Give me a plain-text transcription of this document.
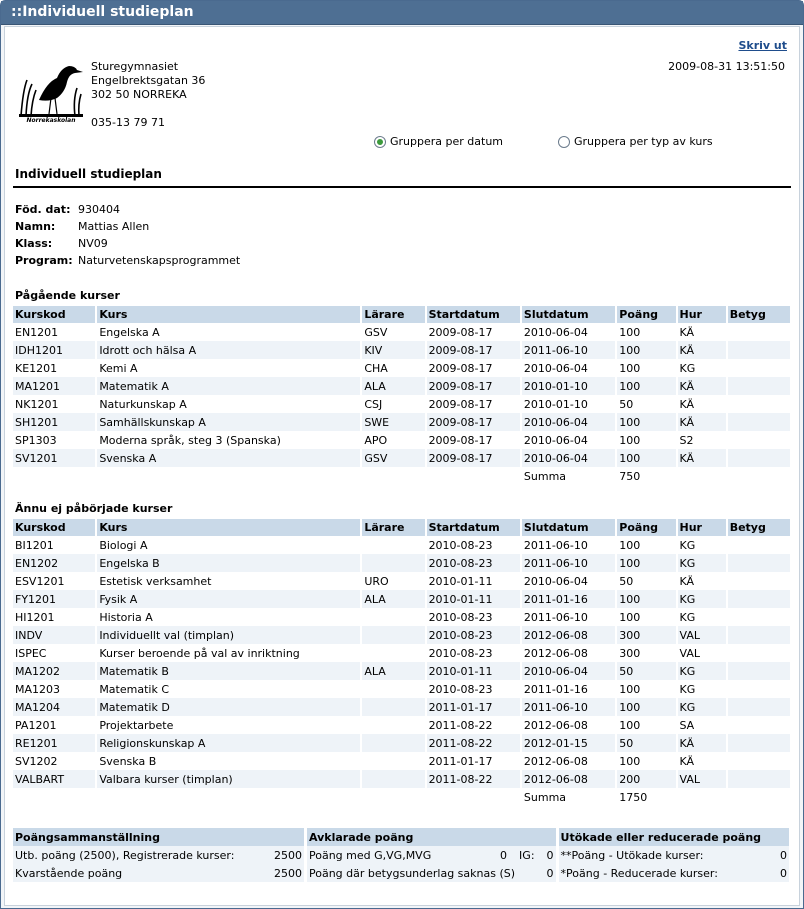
::Individuell studieplan
Skriv ut
2009-08-31 13:51:50
Norrekaskolan
Sturegymnasiet
Engelbrektsgatan 36
302 50 NORREKA
035-13 79 71
Gruppera per datum	Gruppera per typ av kurs
Individuell studieplan
Föd. dat: 930404
Namn:	Mattias Allen
Klass:	NV09
Program: Naturvetenskapsprogrammet
Pågående kurser
Kurskod	Kurs	Lärare	Startdatum	Slutdatum	Poäng	Hur	Betyg
EN1201	Engelska A	GSV	2009-08-17	2010-06-04	100	KÄ	
IDH1201	Idrott och hälsa A	KIV	2009-08-17	2011-06-10	100	KÄ	
KE1201	Kemi A	CHA	2009-08-17	2010-06-04	100	KG	
MA1201	Matematik A	ALA	2009-08-17	2010-01-10	100	KÄ	
NK1201	Naturkunskap A	CSJ	2009-08-17	2010-01-10	50	KÄ	
SH1201	Samhällskunskap A	SWE	2009-08-17	2010-06-04	100	KÄ	
SP1303	Moderna språk, steg 3 (Spanska)	APO	2009-08-17	2010-06-04	100	S2	
SV1201	Svenska A	GSV	2009-08-17	2010-06-04	100	KÄ	
				Summa	750		
Ännu ej påbörjade kurser
Kurskod	Kurs	Lärare	Startdatum	Slutdatum	Poäng	Hur	Betyg
BI1201	Biologi A		2010-08-23	2011-06-10	100	KG	
EN1202	Engelska B		2010-08-23	2011-06-10	100	KG	
ESV1201	Estetisk verksamhet	URO	2010-01-11	2010-06-04	50	KÄ	
FY1201	Fysik A	ALA	2010-01-11	2011-01-16	100	KG	
HI1201	Historia A		2010-08-23	2011-06-10	100	KG	
INDV	Individuellt val (timplan)		2010-08-23	2012-06-08	300	VAL	
ISPEC	Kurser beroende på val av inriktning		2010-08-23	2012-06-08	300	VAL	
MA1202	Matematik B	ALA	2010-01-11	2010-06-04	50	KG	
MA1203	Matematik C		2010-08-23	2011-01-16	100	KG	
MA1204	Matematik D		2011-01-17	2011-06-10	100	KG	
PA1201	Projektarbete		2011-08-22	2012-06-08	100	SA	
RE1201	Religionskunskap A		2011-08-22	2012-01-15	50	KÄ	
SV1202	Svenska B		2011-01-17	2012-06-08	100	KÄ	
VALBART	Valbara kurser (timplan)		2011-08-22	2012-06-08	200	VAL	
				Summa	1750		
Poängsammanställning	Avklarade poäng	Utökade eller reducerade poäng

Utb. poäng (2500), Registrerade kurser: 2500	Poäng med G,VG,MVG 0 IG: 0	**Poäng - Utökade kurser: 0

Kvarstående poäng 2500	Poäng där betygsunderlag saknas (S) 0	*Poäng - Reducerade kurser: 0
